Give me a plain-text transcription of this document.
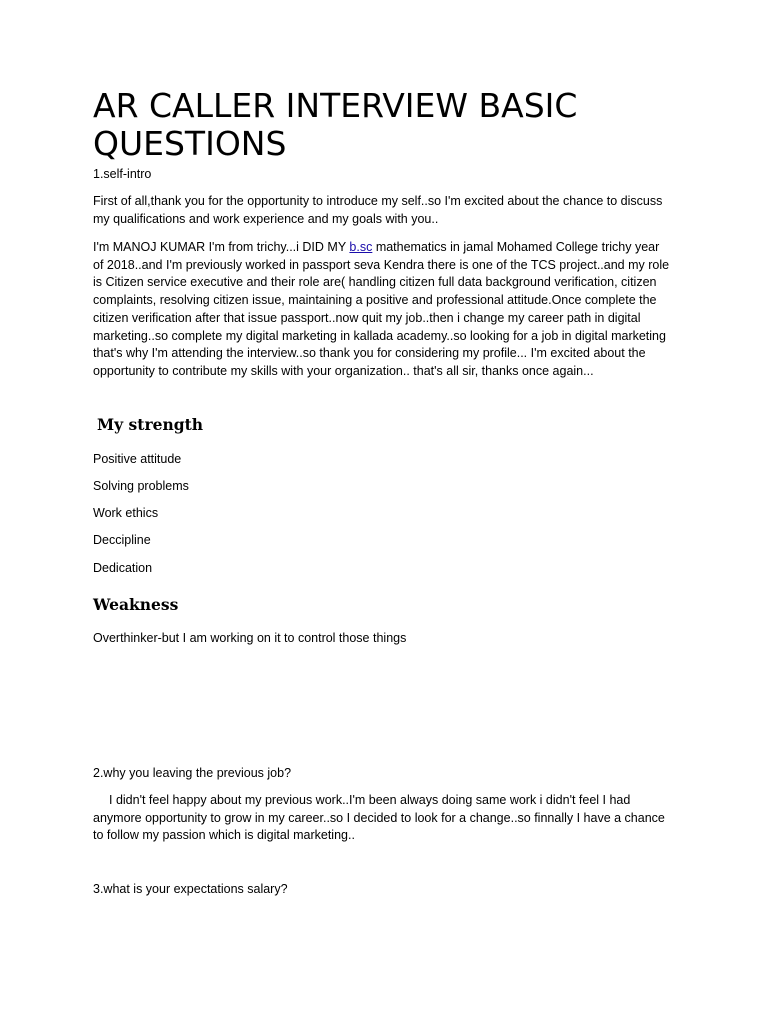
AR CALLER INTERVIEW BASIC QUESTIONS

1.self-intro

First of all,thank you for the opportunity to introduce my self..so I'm excited about the chance to discuss my qualifications and work experience and my goals with you..

I'm MANOJ KUMAR I'm from trichy...i DID MY b.sc mathematics in jamal Mohamed College trichy year of 2018..and I'm previously worked in passport seva Kendra there is one of the TCS project..and my role is Citizen service executive and their role are( handling citizen full data background verification, citizen complaints, resolving citizen issue, maintaining a positive and professional attitude.Once complete the citizen verification after that issue passport..now quit my job..then i change my career path in digital marketing..so complete my digital marketing in kallada academy..so looking for a job in digital marketing that's why I'm attending the interview..so thank you for considering my profile... I'm excited about the opportunity to contribute my skills with your organization.. that's all sir, thanks once again...

My strength

Positive attitude

Solving problems

Work ethics

Deccipline

Dedication

Weakness

Overthinker-but I am working on it to control those things

2.why you leaving the previous job?

I didn't feel happy about my previous work..I'm been always doing same work i didn't feel I had anymore opportunity to grow in my career..so I decided to look for a change..so finnally I have a chance to follow my passion which is digital marketing..

3.what is your expectations salary?
